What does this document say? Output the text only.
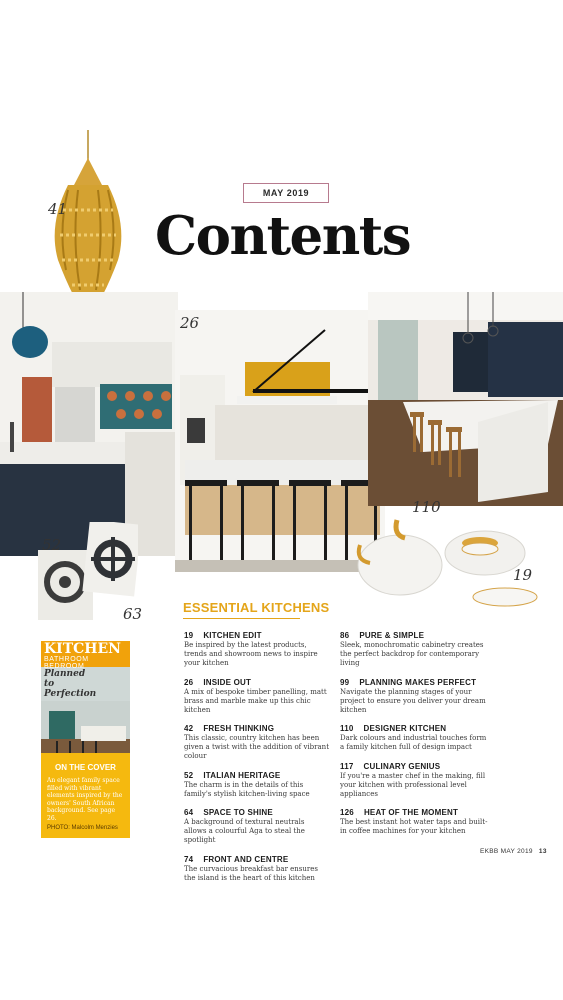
MAY 2019
Contents
41
26
110
52
63
19
ESSENTIAL KITCHENS
19 KITCHEN EDIT
Be inspired by the latest products, trends and showroom news to inspire your kitchen
26 INSIDE OUT
A mix of bespoke timber panelling, matt brass and marble make up this chic kitchen
42 FRESH THINKING
This classic, country kitchen has been given a twist with the addition of vibrant colour
52 ITALIAN HERITAGE
The charm is in the details of this family's stylish kitchen-living space
64 SPACE TO SHINE
A background of textural neutrals allows a colourful Aga to steal the spotlight
74 FRONT AND CENTRE
The curvacious breakfast bar ensures the island is the heart of this kitchen
86 PURE & SIMPLE
Sleek, monochromatic cabinetry creates the perfect backdrop for contemporary living
99 PLANNING MAKES PERFECT
Navigate the planning stages of your project to ensure you deliver your dream kitchen
110 DESIGNER KITCHEN
Dark colours and industrial touches form a family kitchen full of design impact
117 CULINARY GENIUS
If you're a master chef in the making, fill your kitchen with professional level appliances
126 HEAT OF THE MOMENT
The best instant hot water taps and built-in coffee machines for your kitchen
KITCHEN
BATHROOM BEDROOM
Planned to Perfection
ON THE COVER
An elegant family space filled with vibrant elements inspired by the owners' South African background. See page 26.
PHOTO: Malcolm Menzies
EKBB MAY 2019 13
